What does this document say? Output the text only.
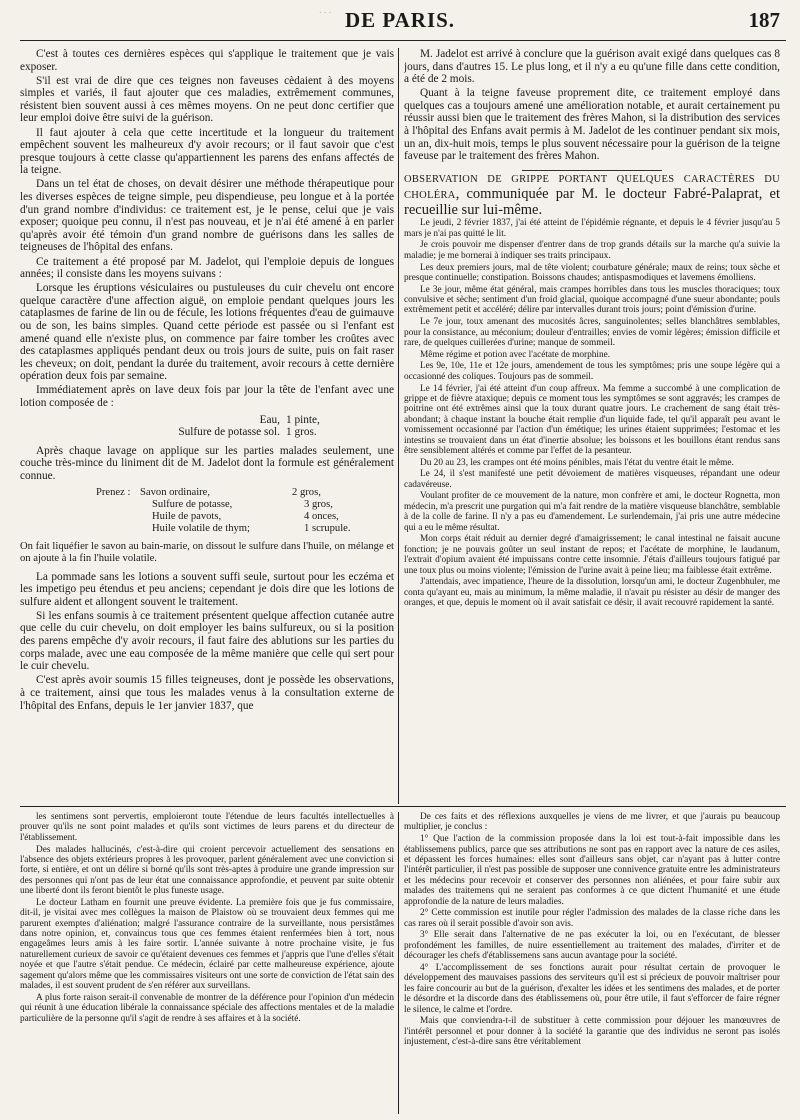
... DE PARIS.	187

C'est à toutes ces dernières espèces qui s'applique le traitement que je vais exposer.

S'il est vrai de dire que ces teignes non faveuses cèdaient à des moyens simples et variés, il faut ajouter que ces maladies, extrêmement communes, résistent bien souvent aussi à ces mêmes moyens. On ne peut donc certifier que leur emploi doive être suivi de la guérison.

Il faut ajouter à cela que cette incertitude et la longueur du traitement empêchent souvent les malheureux d'y avoir recours; or il faut savoir que c'est presque toujours à cette classe qu'appartiennent les parens des enfans affectés de la teigne.

Dans un tel état de choses, on devait désirer une méthode thérapeutique pour les diverses espèces de teigne simple, peu dispendieuse, peu longue et à la portée d'un grand nombre d'individus: ce traitement est, je le pense, celui que je vais exposer; quoique peu connu, il n'est pas nouveau, et je n'ai été amené à en parler qu'après avoir été témoin d'un grand nombre de guérisons dans les salles de teigneuses de l'hôpital des enfans.

Ce traitement a été proposé par M. Jadelot, qui l'emploie depuis de longues années; il consiste dans les moyens suivans :

Lorsque les éruptions vésiculaires ou pustuleuses du cuir chevelu ont encore quelque caractère d'une affection aiguë, on emploie pendant quelques jours les cataplasmes de farine de lin ou de fécule, les lotions fréquentes d'eau de guimauve ou de son, les bains simples. Quand cette période est passée ou si l'enfant est amené quand elle n'existe plus, on commence par faire tomber les croûtes avec des cataplasmes appliqués pendant deux ou trois jours de suite, puis on fait raser les cheveux; on doit, pendant la durée du traitement, avoir recours à cette dernière opération deux fois par semaine.

Immédiatement après on lave deux fois par jour la tête de l'enfant avec une lotion composée de :

Eau, 1 pinte,
Sulfure de potasse sol. 1 gros.

Après chaque lavage on applique sur les parties malades seulement, une couche très-mince du liniment dit de M. Jadelot dont la formule est généralement connue.

Prenez : Savon ordinaire,	2 gros,
Sulfure de potasse,	3 gros,
Huile de pavots,	4 onces,
Huile volatile de thym;	1 scrupule.

On fait liquéfier le savon au bain-marie, on dissout le sulfure dans l'huile, on mélange et on ajoute à la fin l'huile volatile.

La pommade sans les lotions a souvent suffi seule, surtout pour les eczéma et les impetigo peu étendus et peu anciens; cependant je dois dire que les lotions de sulfure aident et allongent souvent le traitement.

Si les enfans soumis à ce traitement présentent quelque affection cutanée autre que celle du cuir chevelu, on doit employer les bains sulfureux, ou si la position des parens empêche d'y avoir recours, il faut faire des ablutions sur les parties du corps malade, avec une eau composée de la même manière que celle qui sert pour le cuir chevelu.

C'est après avoir soumis 15 filles teigneuses, dont je possède les observations, à ce traitement, ainsi que tous les malades venus à la consultation externe de l'hôpital des Enfans, depuis le 1er janvier 1837, que

M. Jadelot est arrivé à conclure que la guérison avait exigé dans quelques cas 8 jours, dans d'autres 15. Le plus long, et il n'y a eu qu'une fille dans cette condition, a été de 2 mois.

Quant à la teigne faveuse proprement dite, ce traitement employé dans quelques cas a toujours amené une amélioration notable, et aurait certainement pu réussir aussi bien que le traitement des frères Mahon, si la distribution des services à l'hôpital des Enfans avait permis à M. Jadelot de les continuer pendant six mois, un an, dix-huit mois, temps le plus souvent nécessaire pour la guérison de la teigne faveuse par le traitement des frères Mahon.

OBSERVATION DE GRIPPE PORTANT QUELQUES CARACTÈRES DU CHOLÉRA, communiquée par M. le docteur Fabré-Palaprat, et recueillie sur lui-même.

Le jeudi, 2 février 1837, j'ai été atteint de l'épidémie régnante, et depuis le 4 février jusqu'au 5 mars je n'ai pas quitté le lit.

Je crois pouvoir me dispenser d'entrer dans de trop grands détails sur la marche qu'a suivie la maladie; je me bornerai à indiquer ses traits principaux.

Les deux premiers jours, mal de tête violent; courbature générale; maux de reins; toux sèche et presque continuelle; constipation. Boissons chaudes; antispasmodiques et lavemens émolliens.

Le 3e jour, même état général, mais crampes horribles dans tous les muscles thoraciques; toux convulsive et sèche; sentiment d'un froid glacial, quoique accompagné d'une sueur abondante; pouls extrêmement petit et accéléré; délire par intervalles durant trois jours; point d'émission d'urine.

Le 7e jour, toux amenant des mucosités âcres, sanguinolentes; selles blanchâtres semblables, pour la consistance, au méconium; douleur d'entrailles; envies de vomir légères; émission difficile et rare, de quelques cuillerées d'urine; manque de sommeil.

Même régime et potion avec l'acétate de morphine.

Les 9e, 10e, 11e et 12e jours, amendement de tous les symptômes; pris une soupe légère qui a occasionné des coliques. Toujours pas de sommeil.

Le 14 février, j'ai été atteint d'un coup affreux. Ma femme a succombé à une complication de grippe et de fièvre ataxique; depuis ce moment tous les symptômes se sont aggravés; les crampes de poitrine ont été extrêmes ainsi que la toux durant quatre jours. Le crachement de sang était très-abondant; à chaque instant la bouche était remplie d'un liquide fade, tel qu'il apparaît peu avant le vomissement occasionné par l'action d'un émétique; les urines étaient supprimées; l'estomac et les intestins se trouvaient dans un état d'inertie absolue; les boissons et les bouillons étant rendus sans être sensiblement altérés et comme par l'effet de la pesanteur.

Du 20 au 23, les crampes ont été moins pénibles, mais l'état du ventre était le même.

Le 24, il s'est manifesté une petit dévoiement de matières visqueuses, répandant une odeur cadavéreuse.

Voulant profiter de ce mouvement de la nature, mon confrère et ami, le docteur Rognetta, mon médecin, m'a prescrit une purgation qui m'a fait rendre de la matière visqueuse blanchâtre, semblable à de la colle de farine. Il n'y a pas eu d'amendement. Le surlendemain, j'ai pris une autre médecine qui a eu le même résultat.

Mon corps était réduit au dernier degré d'amaigrissement; le canal intestinal ne faisait aucune fonction; je ne pouvais goûter un seul instant de repos; et l'acétate de morphine, le laudanum, l'extrait d'opium avaient été impuissans contre cette insomnie. J'étais d'ailleurs toujours fatigué par une toux plus ou moins violente; l'émission de l'urine avait à peine lieu; ma faiblesse était extrême.

J'attendais, avec impatience, l'heure de la dissolution, lorsqu'un ami, le docteur Zugenbhuler, me conta qu'ayant eu, mais au minimum, la même maladie, il n'avait pu résister au désir de manger des oranges, et que, depuis le moment où il avait satisfait ce désir, il avait recouvré rapidement la santé.

les sentimens sont pervertis, emploieront toute l'étendue de leurs facultés intellectuelles à prouver qu'ils ne sont point malades et qu'ils sont victimes de leurs parens et du directeur de l'établissement.

Des malades hallucinés, c'est-à-dire qui croient percevoir actuellement des sensations en l'absence des objets extérieurs propres à les provoquer, parlent généralement avec une conviction si forte, si entière, et ont un délire si borné qu'ils sont très-aptes à produire une grande impression sur des personnes qui n'ont pas de leur état une connaissance approfondie, et peuvent par suite obtenir une liberté dont ils feront bientôt le plus funeste usage.

Le docteur Latham en fournit une preuve évidente. La première fois que je fus commissaire, dit-il, je visitai avec mes collègues la maison de Plaistow où se trouvaient deux femmes qui me parurent exemptes d'aliénation; malgré l'assurance contraire de la surveillante, nous persistâmes dans notre opinion, et, convaincus tous que ces femmes étaient renfermées bien à tort, nous engageâmes leurs amis à les faire sortir. L'année suivante à notre prochaine visite, je fus naturellement curieux de savoir ce qu'étaient devenues ces femmes et j'appris que l'une d'elles s'était noyée et que l'autre s'était pendue. Ce médecin, éclairé par cette malheureuse expérience, ajoute sagement qu'alors même que les commissaires visiteurs ont une sorte de conviction de l'état sain des malades, il est souvent prudent de s'en référer aux surveillans.

A plus forte raison serait-il convenable de montrer de la déférence pour l'opinion d'un médecin qui réunit à une éducation libérale la connaissance spéciale des affections mentales et de la maladie particulière de la personne qu'il s'agit de rendre à ses affaires et à la société.

De ces faits et des réflexions auxquelles je viens de me livrer, et que j'aurais pu beaucoup multiplier, je conclus :

1° Que l'action de la commission proposée dans la loi est tout-à-fait impossible dans les établissemens publics, parce que ses attributions ne sont pas en rapport avec la nature de ces asiles, et dépassent les forces humaines: elles sont d'ailleurs sans objet, car n'ayant pas à lutter contre l'intérêt particulier, il n'est pas possible de supposer une connivence gratuite entre les administrateurs et les médecins pour recevoir et conserver des personnes non aliénées, et pour faire subir aux malades des traitemens qui ne seraient pas conformes à ce que dictent l'humanité et une étude approfondie de la nature de leurs maladies.

2° Cette commission est inutile pour régler l'admission des malades de la classe riche dans les cas rares où il serait possible d'avoir son avis.

3° Elle serait dans l'alternative de ne pas exécuter la loi, ou en l'exécutant, de blesser profondément les familles, de nuire essentiellement au traitement des malades, d'irriter et de décourager les chefs d'établissemens sans aucun avantage pour la société.

4° L'accomplissement de ses fonctions aurait pour résultat certain de provoquer le développement des mauvaises passions des serviteurs qu'il est si précieux de pouvoir maîtriser pour les faire concourir au but de la guérison, d'exalter les idées et les sentimens des malades, et de porter le désordre et la discorde dans des établissemens où, pour être utile, il faut s'efforcer de faire régner le silence, le calme et l'ordre.

Mais que conviendra-t-il de substituer à cette commission pour déjouer les manœuvres de l'intérêt personnel et pour donner à la société la garantie que des individus ne seront pas isolés injustement, c'est-à-dire sans être véritablement
